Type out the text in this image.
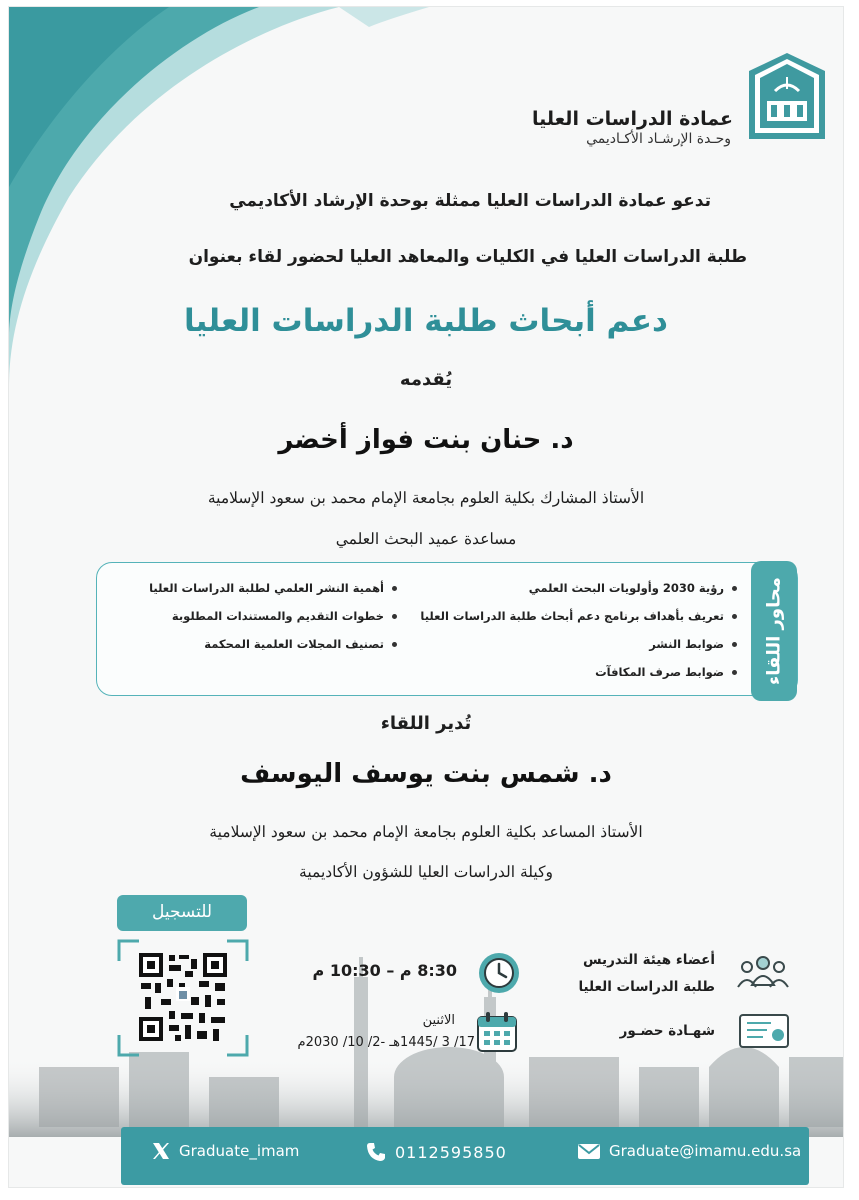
عمادة الدراسات العليا

وحـدة الإرشـاد الأكـاديمي

تدعو عمادة الدراسات العليا ممثلة بوحدة الإرشاد الأكاديمي

طلبة الدراسات العليا في الكليات والمعاهد العليا لحضور لقاء بعنوان

دعم أبحاث طلبة الدراسات العليا

يُقدمه

د. حنان بنت فواز أخضر

الأستاذ المشارك بكلية العلوم بجامعة الإمام محمد بن سعود الإسلامية

مساعدة عميد البحث العلمي

محاور اللقاء
رؤية 2030 وأولويات البحث العلمي
تعريف بأهداف برنامج دعم أبحاث طلبة الدراسات العليا
ضوابط النشر
ضوابط صرف المكافآت
أهمية النشر العلمي لطلبة الدراسات العليا
خطوات التقديم والمستندات المطلوبة
تصنيف المجلات العلمية المحكمة

تُدير اللقاء

د. شمس بنت يوسف اليوسف

الأستاذ المساعد بكلية العلوم بجامعة الإمام محمد بن سعود الإسلامية

وكيلة الدراسات العليا للشؤون الأكاديمية

للتسجيل

8:30 م – 10:30 م

الاثنين

17/ 3 /1445هـ -2/ 10/ 2030م

أعضاء هيئة التدريس

طلبة الدراسات العليا

شهـادة حضـور

Graduate_imam	0112595850	Graduate@imamu.edu.sa
